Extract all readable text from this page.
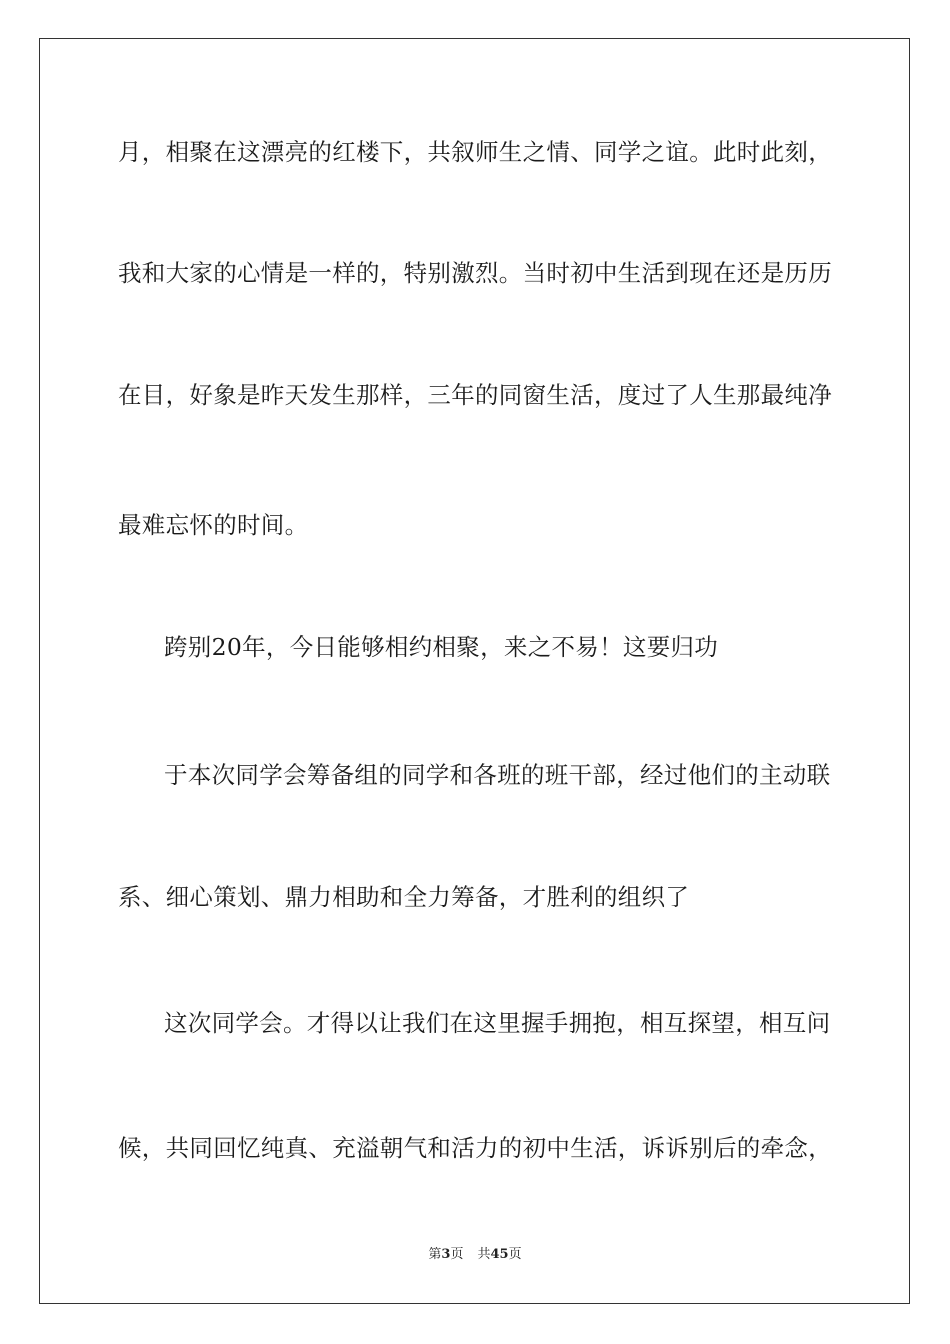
月，相聚在这漂亮的红楼下，共叙师生之情、同学之谊。此时此刻，
我和大家的心情是一样的，特别激烈。当时初中生活到现在还是历历
在目，好象是昨天发生那样，三年的同窗生活，度过了人生那最纯净
最难忘怀的时间。
跨别20年，今日能够相约相聚，来之不易！这要归功
于本次同学会筹备组的同学和各班的班干部，经过他们的主动联
系、细心策划、鼎力相助和全力筹备，才胜利的组织了
这次同学会。才得以让我们在这里握手拥抱，相互探望，相互问
候，共同回忆纯真、充溢朝气和活力的初中生活，诉诉别后的牵念，
第3页 共45页
